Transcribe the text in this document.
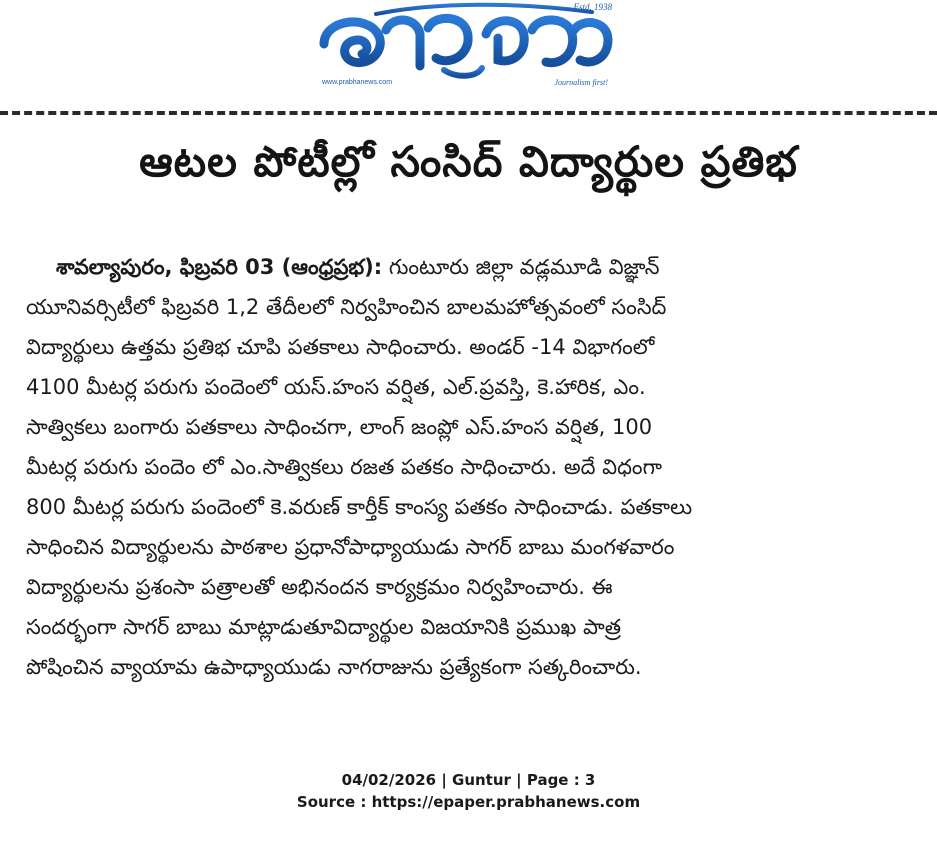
Estd. 1938
www.prabhanews.com	Journalism first!
ఆటల పోటీల్లో సంసిద్ విద్యార్థుల ప్రతిభ
శావల్యాపురం, ఫిబ్రవరి 03 (ఆంధ్రప్రభ): గుంటూరు జిల్లా వడ్లమూడి విజ్ఞాన్
యూనివర్సిటీలో ఫిబ్రవరి 1,2 తేదీలలో నిర్వహించిన బాలమహోత్సవంలో సంసిద్
విద్యార్థులు ఉత్తమ ప్రతిభ చూపి పతకాలు సాధించారు. అండర్ -14 విభాగంలో
4100 మీటర్ల పరుగు పందెంలో యస్.హంస వర్షిత, ఎల్.ప్రవస్తి, కె.హారిక, ఎం.
సాత్వికలు బంగారు పతకాలు సాధించగా, లాంగ్ జంప్లో ఎస్.హంస వర్షిత, 100
మీటర్ల పరుగు పందెం లో ఎం.సాత్వికలు రజత పతకం సాధించారు. అదే విధంగా
800 మీటర్ల పరుగు పందెంలో కె.వరుణ్ కార్తీక్ కాంస్య పతకం సాధించాడు. పతకాలు
సాధించిన విద్యార్థులను పాఠశాల ప్రధానోపాధ్యాయుడు సాగర్ బాబు మంగళవారం
విద్యార్థులను ప్రశంసా పత్రాలతో అభినందన కార్యక్రమం నిర్వహించారు. ఈ
సందర్భంగా సాగర్ బాబు మాట్లాడుతూవిద్యార్థుల విజయానికి ప్రముఖ పాత్ర
పోషించిన వ్యాయామ ఉపాధ్యాయుడు నాగరాజును ప్రత్యేకంగా సత్కరించారు.
04/02/2026 | Guntur | Page : 3
Source : https://epaper.prabhanews.com
